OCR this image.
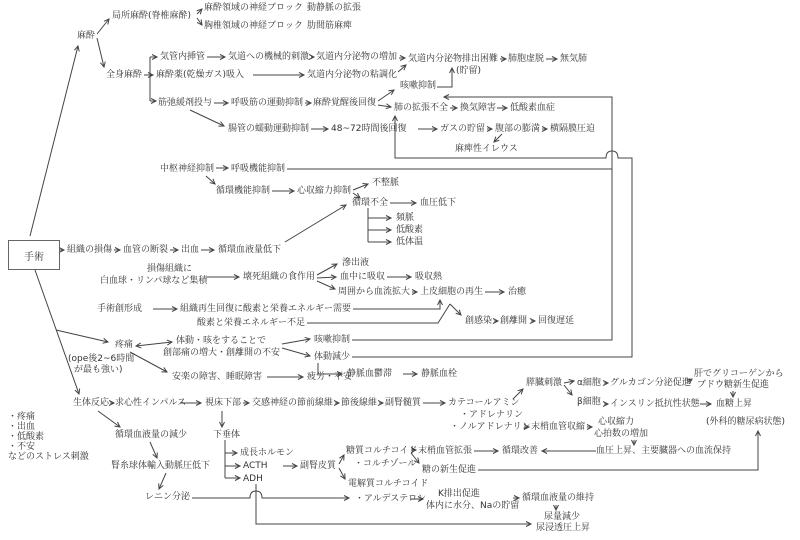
手術
麻酔
局所麻酔(脊椎麻酔)
麻酔領域の神経ブロック 動静脈の拡張
胸椎領域の神経ブロック 肋間筋麻痺
気管内挿管	気道への機械的刺激 気道内分泌物の増加
全身麻酔 麻酔薬(乾燥ガス)吸入	気道内分泌物の粘調化
気道内分泌物排出困難
(貯留)
肺胞虚脱 無気肺
咳嗽抑制
筋弛緩剤投与 呼吸筋の運動抑制 麻酔覚醒後回復 肺の拡張不全 換気障害 低酸素血症
腸管の蠕動運動抑制 48~72時間後回復	ガスの貯留 腹部の膨満 横隔膜圧迫
麻痺性イレウス
中枢神経抑制 呼吸機能抑制
循環機能抑制	心収縮力抑制
不整脈
循環不全	血圧低下
頻脈
低酸素
低体温
組織の損傷 血管の断裂 出血 循環血液量低下
損傷組織に
白血球・リンパ球など集積	壊死組織の食作用
滲出液
血中に吸収	吸収熱
周囲から血流拡大 上皮細胞の再生	治癒
手術創形成	組織再生回復に酸素と栄養エネルギー需要
酸素と栄養エネルギー不足	創感染 創離開 回復遅延
疼痛
(ope後2~6時間
が最も強い)
体動・咳をすることで
創部痛の増大・創離開の不安
咳嗽抑制
体動減少
静脈血鬱滞	静脈血栓
安楽の障害、睡眠障害	疲労・不安
生体反応
・疼痛
・出血
・低酸素
・不安
などのストレス刺激
求心性インパルス 視床下部 交感神経の節前線維 節後線維 副腎髄質	カテコールアミン
・アドレナリン
・ノルアドレナリン
膵臓刺激 α細胞 グルカゴン分泌促進
肝でグリコーゲンから
ブドウ糖新生促進
β細胞 インスリン抵抗性状態 血糖上昇
(外科的糖尿病状態)
末梢血管収縮 心収縮力
心拍数の増加
血圧上昇、主要臓器への血流保持
循環血液量の減少	下垂体
成長ホルモン
ACTH
ADH
副腎皮質
糖質コルチコイド
・コルチゾール
末梢血管拡張	循環改善
糖の新生促進
電解質コルチコイド
・アルデステロン K排出促進
体内に水分、Naの貯留
循環血液量の維持
尿量減少
尿浸透圧上昇
腎糸球体輸入動脈圧低下
レニン分泌
